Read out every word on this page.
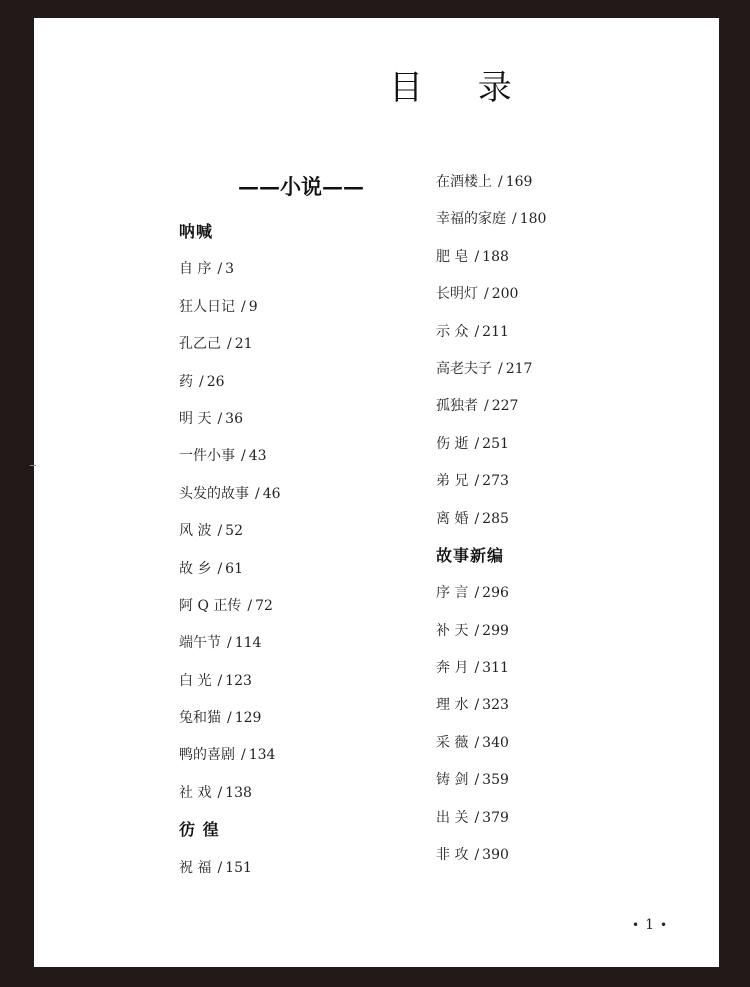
目 录
——小说——
呐喊
自 序 / 3
狂人日记 / 9
孔乙己 / 21
药 / 26
明 天 / 36
一件小事 / 43
头发的故事 / 46
风 波 / 52
故 乡 / 61
阿 Q 正传 / 72
端午节 / 114
白 光 / 123
兔和猫 / 129
鸭的喜剧 / 134
社 戏 / 138
彷 徨
祝 福 / 151
在酒楼上 / 169
幸福的家庭 / 180
肥 皂 / 188
长明灯 / 200
示 众 / 211
高老夫子 / 217
孤独者 / 227
伤 逝 / 251
弟 兄 / 273
离 婚 / 285
故事新编
序 言 / 296
补 天 / 299
奔 月 / 311
理 水 / 323
采 薇 / 340
铸 剑 / 359
出 关 / 379
非 攻 / 390
• 1 •
